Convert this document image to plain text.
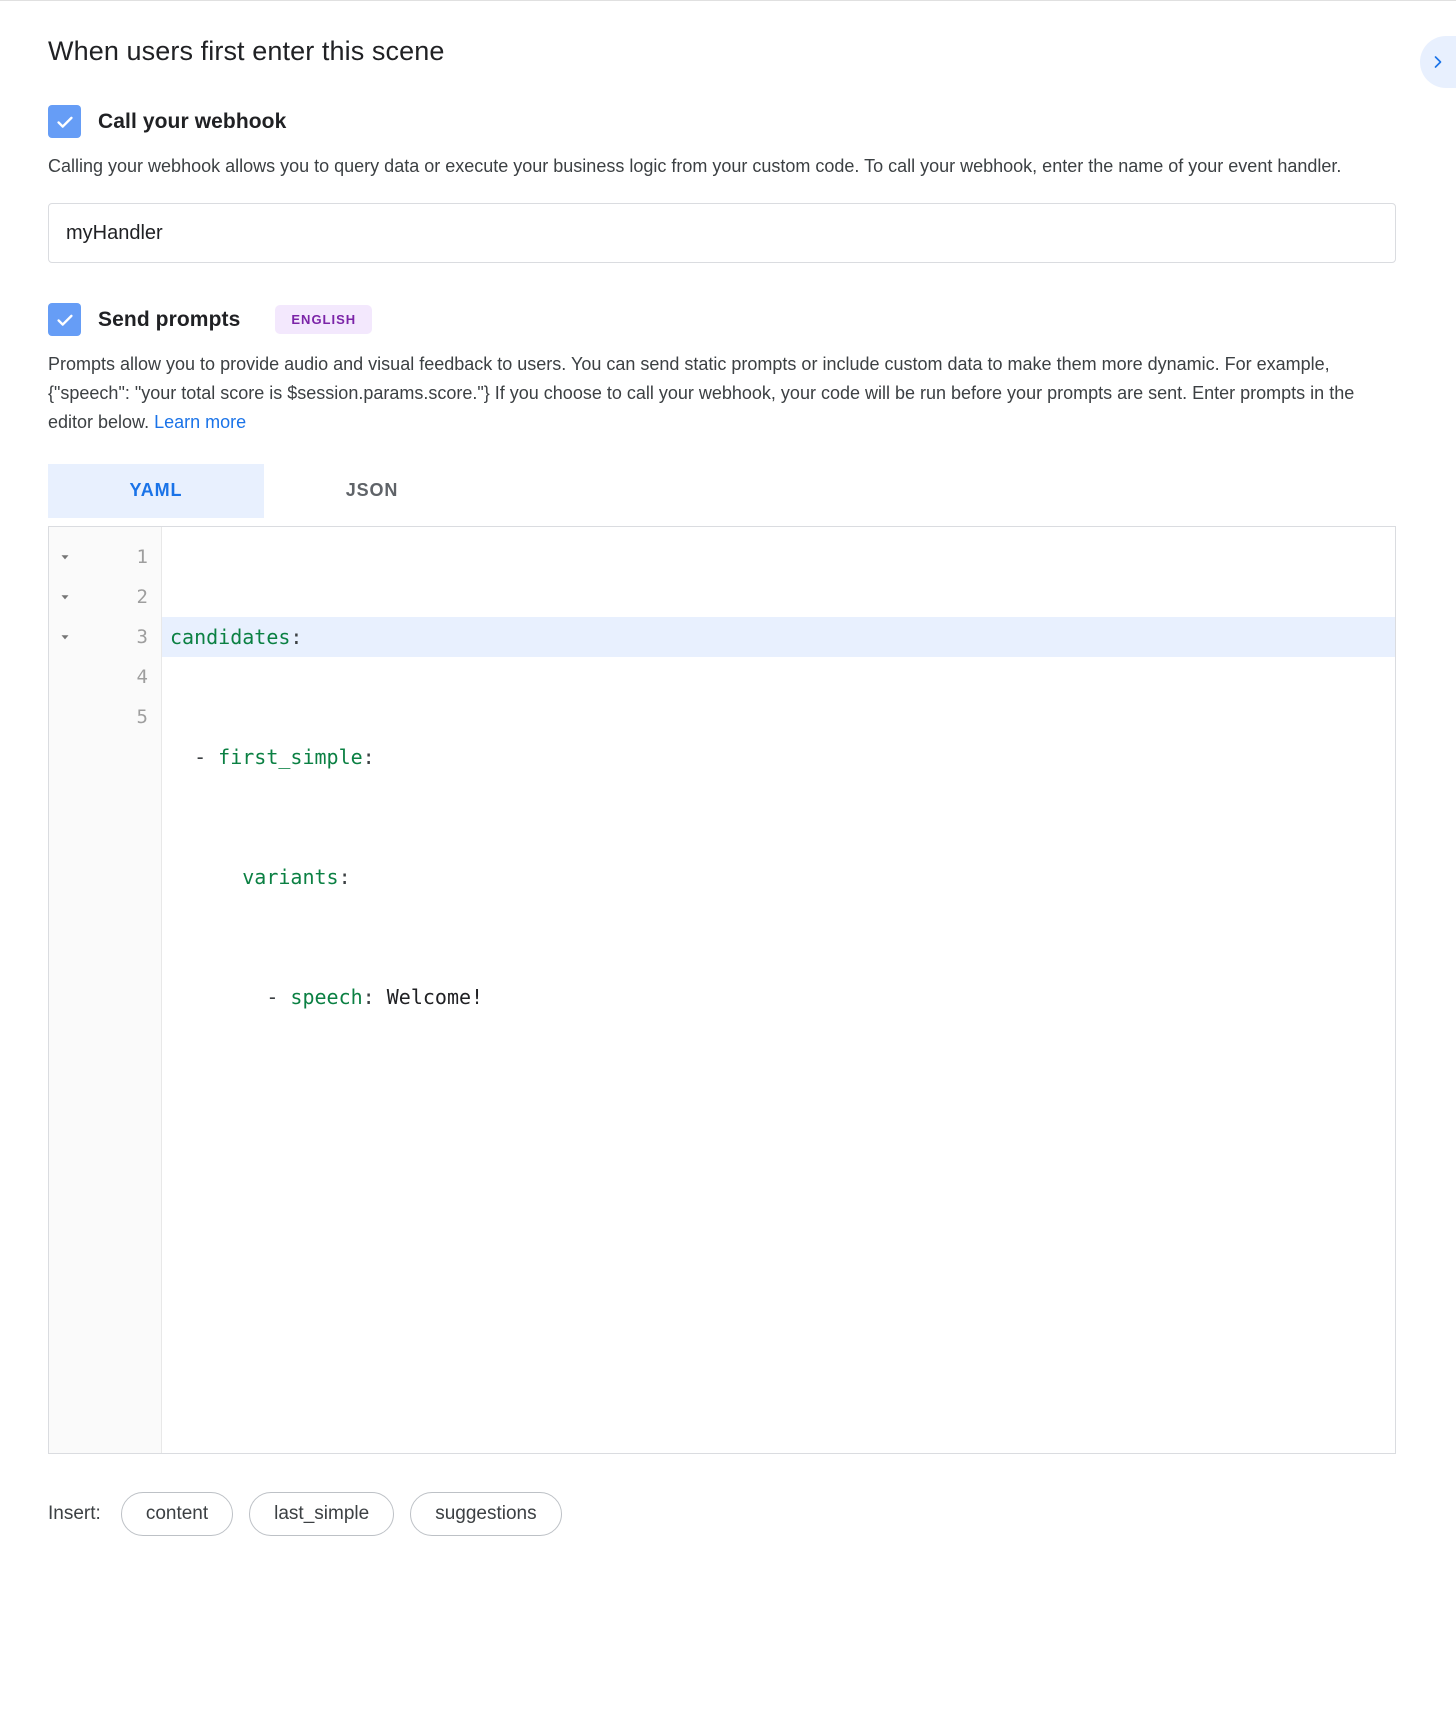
When users first enter this scene
Call your webhook

Calling your webhook allows you to query data or execute your business logic from your custom code. To call your webhook, enter the name of your event handler.

myHandler
Send prompts	ENGLISH

Prompts allow you to provide audio and visual feedback to users. You can send static prompts or include custom data to make them more dynamic. For example, {"speech": "your total score is $session.params.score."} If you choose to call your webhook, your code will be run before your prompts are sent. Enter prompts in the editor below. Learn more

YAML	JSON
1
2
3
4
5

candidates:

- first_simple:

variants:

- speech: Welcome!

Insert:	content	last_simple	suggestions
